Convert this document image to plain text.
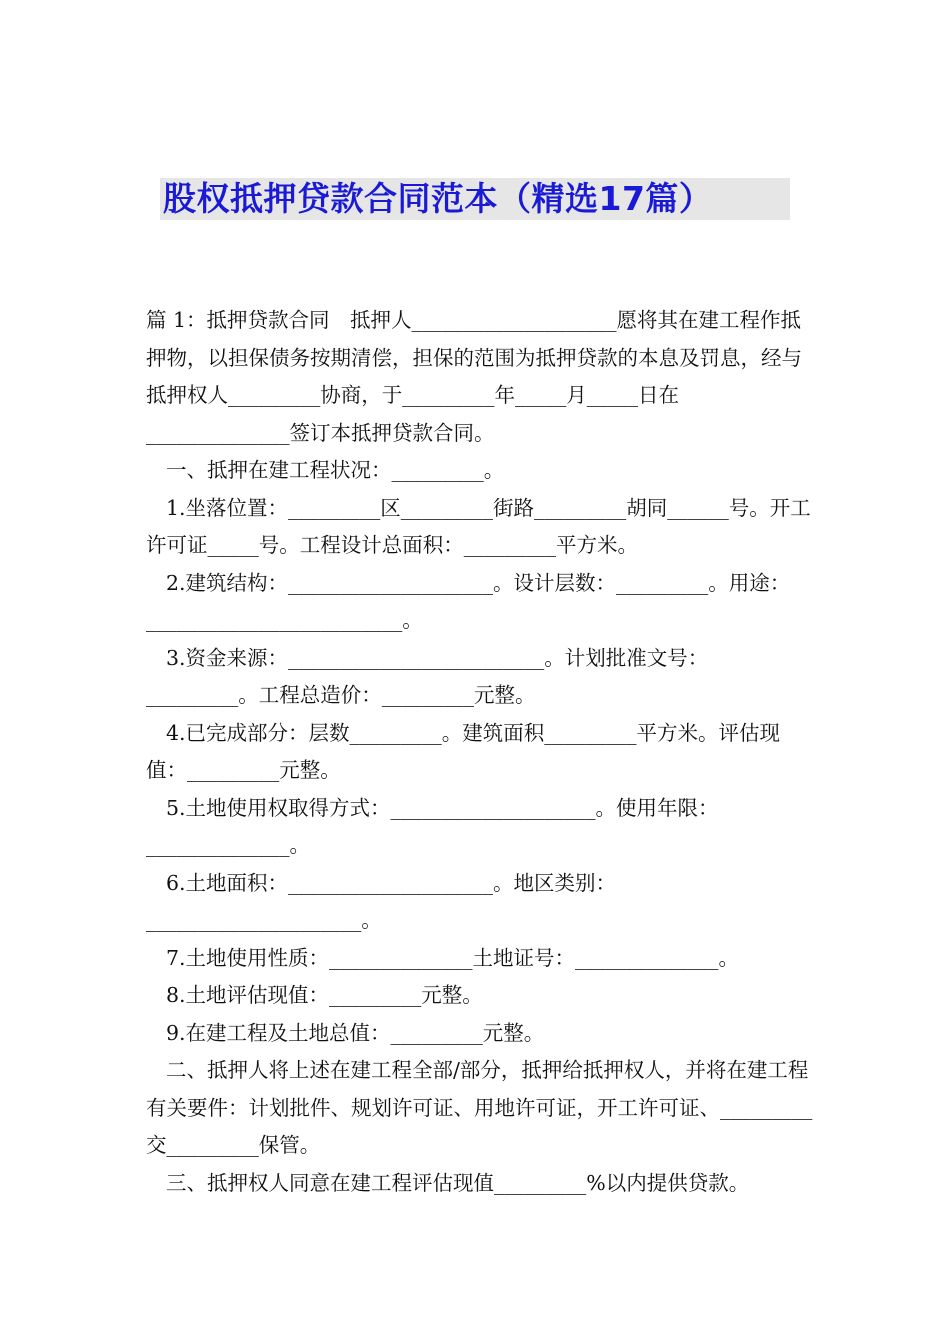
股权抵押贷款合同范本（精选17篇）

篇 1：抵押贷款合同　抵押人____________________愿将其在建工程作抵押物，以担保债务按期清偿，担保的范围为抵押贷款的本息及罚息，经与抵押权人_________协商，于_________年_____月_____日在______________签订本抵押贷款合同。

一、抵押在建工程状况：_________。

1.坐落位置：_________区_________街路_________胡同______号。开工许可证_____号。工程设计总面积：_________平方米。

2.建筑结构：____________________。设计层数：_________。用途：_________________________。

3.资金来源：_________________________。计划批准文号：_________。工程总造价：_________元整。

4.已完成部分：层数_________。建筑面积_________平方米。评估现值：_________元整。

5.土地使用权取得方式：____________________。使用年限：______________。

6.土地面积：____________________。地区类别：_____________________。

7.土地使用性质：______________土地证号：______________。

8.土地评估现值：_________元整。

9.在建工程及土地总值：_________元整。

二、抵押人将上述在建工程全部/部分，抵押给抵押权人，并将在建工程有关要件：计划批件、规划许可证、用地许可证，开工许可证、_________交_________保管。

三、抵押权人同意在建工程评估现值_________%以内提供贷款。
